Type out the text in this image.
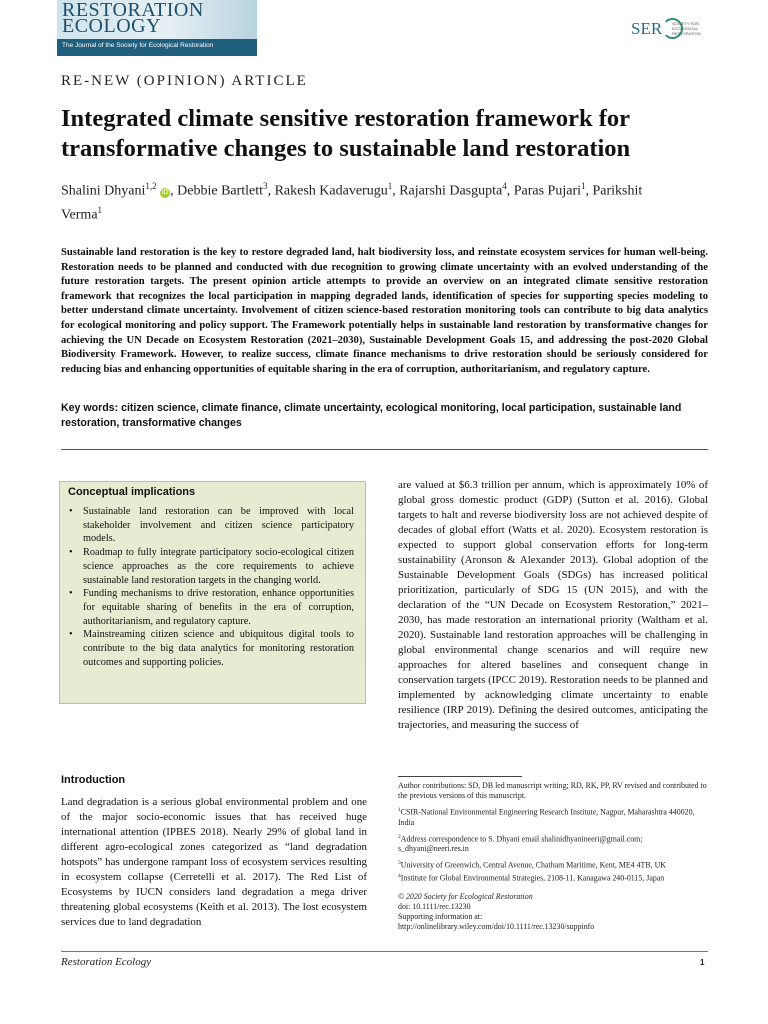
RESTORATION
ECOLOGY
The Journal of the Society for Ecological Restoration
SER SOCIETY FOR ECOLOGICAL RESTORATION
RE-NEW (OPINION) ARTICLE
Integrated climate sensitive restoration framework for transformative changes to sustainable land restoration
Shalini Dhyani$^{1,2}$ iD , Debbie Bartlett$^3$, Rakesh Kadaverugu$^1$, Rajarshi Dasgupta$^4$, Paras Pujari$^1$, Parikshit Verma$^1$

Sustainable land restoration is the key to restore degraded land, halt biodiversity loss, and reinstate ecosystem services for human well-being. Restoration needs to be planned and conducted with due recognition to growing climate uncertainty with an evolved understanding of the future restoration targets. The present opinion article attempts to provide an overview on an integrated climate sensitive restoration framework that recognizes the local participation in mapping degraded lands, identification of species for supporting species modeling to better understand climate uncertainty. Involvement of citizen science-based restoration monitoring tools can contribute to big data analytics for ecological monitoring and policy support. The Framework potentially helps in sustainable land restoration by transformative changes for achieving the UN Decade on Ecosystem Restoration (2021–2030), Sustainable Development Goals 15, and addressing the post-2020 Global Biodiversity Framework. However, to realize success, climate finance mechanisms to drive restoration should be seriously considered for reducing bias and enhancing opportunities of equitable sharing in the era of corruption, authoritarianism, and regulatory capture.

Key words: citizen science, climate finance, climate uncertainty, ecological monitoring, local participation, sustainable land restoration, transformative changes

Conceptual implications
• Sustainable land restoration can be improved with local stakeholder involvement and citizen science participatory models.
• Roadmap to fully integrate participatory socio-ecological citizen science approaches as the core requirements to achieve sustainable land restoration targets in the changing world.
• Funding mechanisms to drive restoration, enhance opportunities for equitable sharing of benefits in the era of corruption, authoritarianism, and regulatory capture.
• Mainstreaming citizen science and ubiquitous digital tools to contribute to the big data analytics for monitoring restoration outcomes and supporting policies.
Introduction

Land degradation is a serious global environmental problem and one of the major socio-economic issues that has received huge international attention (IPBES 2018). Nearly 29% of global land in different agro-ecological zones categorized as “land degradation hotspots” has undergone rampant loss of ecosystem services resulting in ecosystem collapse (Cerretelli et al. 2017). The Red List of Ecosystems by IUCN considers land degradation a mega driver threatening global ecosystems (Keith et al. 2013). The lost ecosystem services due to land degradation

are valued at $6.3 trillion per annum, which is approximately 10% of global gross domestic product (GDP) (Sutton et al. 2016). Global targets to halt and reverse biodiversity loss are not achieved despite of decades of global effort (Watts et al. 2020). Ecosystem restoration is expected to support global conservation efforts for long-term sustainability (Aronson & Alexander 2013). Global adoption of the Sustainable Development Goals (SDGs) has increased political prioritization, particularly of SDG 15 (UN 2015), and with the declaration of the “UN Decade on Ecosystem Restoration,” 2021–2030, has made restoration an international priority (Waltham et al. 2020). Sustainable land restoration approaches will be challenging in global environmental change scenarios and will require new approaches for altered baselines and consequent change in conservation targets (IPCC 2019). Restoration needs to be planned and implemented by acknowledging climate uncertainty to enable resilience (IRP 2019). Defining the desired outcomes, anticipating the trajectories, and measuring the success of

Author contributions: SD, DB led manuscript writing; RD, RK, PP, RV revised and contributed to the previous versions of this manuscript.

$^1$CSIR-National Environmental Engineering Research Institute, Nagpur, Maharashtra 440020, India

$^2$Address correspondence to S. Dhyani email shalinidhyanineeri@gmail.com; s_dhyani@neeri.res.in

$^3$University of Greenwich, Central Avenue, Chatham Maritime, Kent, ME4 4TB, UK

$^4$Institute for Global Environmental Strategies, 2108-11, Kanagawa 240-0115, Japan

© 2020 Society for Ecological Restoration

doi: 10.1111/rec.13230

Supporting information at:

http://onlinelibrary.wiley.com/doi/10.1111/rec.13230/suppinfo

Restoration Ecology	1
